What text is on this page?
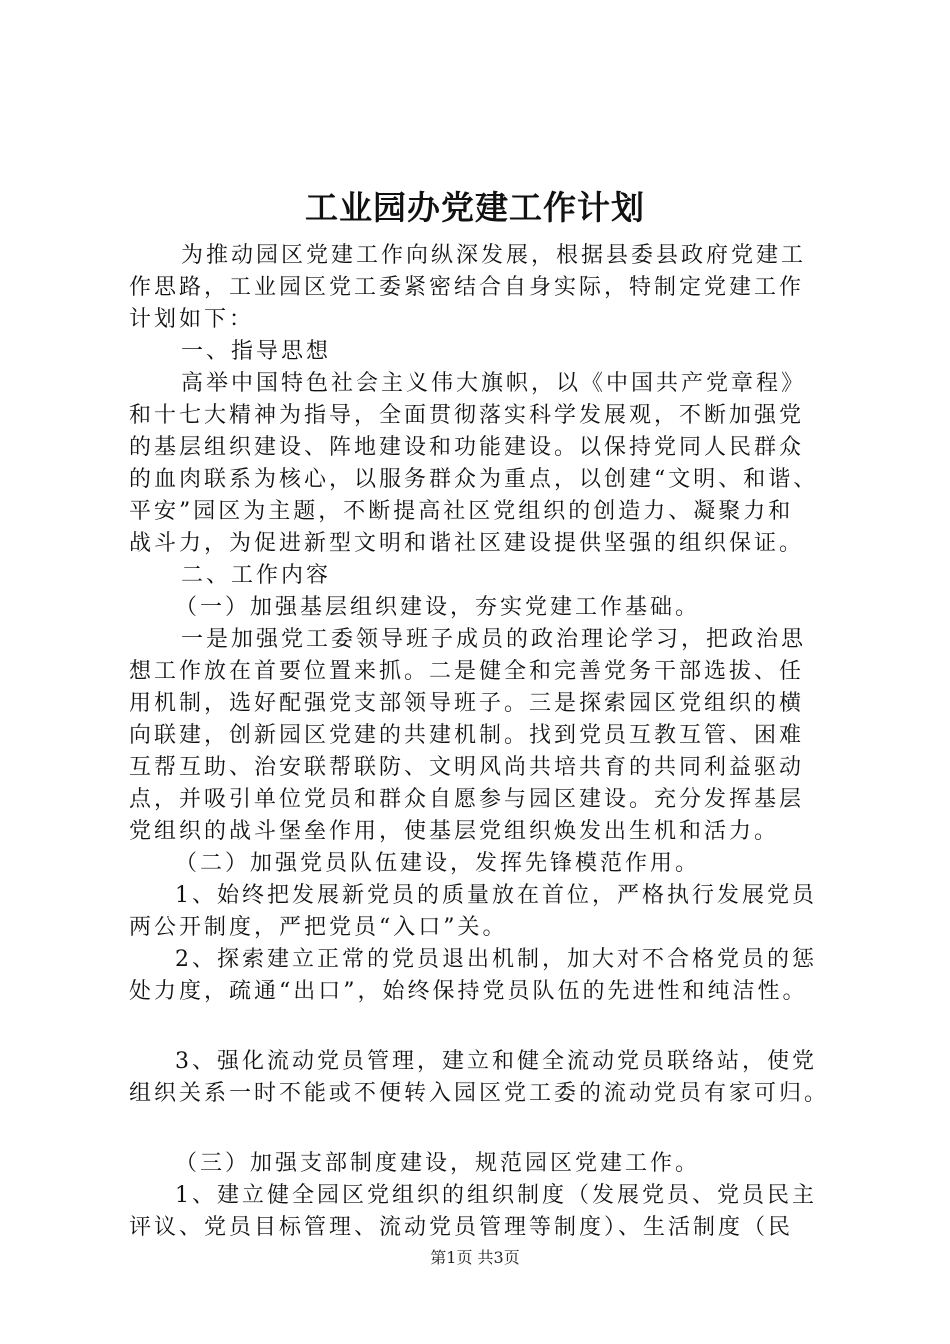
工业园办党建工作计划
为推动园区党建工作向纵深发展，根据县委县政府党建工
作思路，工业园区党工委紧密结合自身实际，特制定党建工作
计划如下：
一、指导思想
高举中国特色社会主义伟大旗帜，以《中国共产党章程》
和十七大精神为指导，全面贯彻落实科学发展观，不断加强党
的基层组织建设、阵地建设和功能建设。以保持党同人民群众
的血肉联系为核心，以服务群众为重点，以创建“文明、和谐、
平安”园区为主题，不断提高社区党组织的创造力、凝聚力和
战斗力，为促进新型文明和谐社区建设提供坚强的组织保证。
二、工作内容
（一）加强基层组织建设，夯实党建工作基础。
一是加强党工委领导班子成员的政治理论学习，把政治思
想工作放在首要位置来抓。二是健全和完善党务干部选拔、任
用机制，选好配强党支部领导班子。三是探索园区党组织的横
向联建，创新园区党建的共建机制。找到党员互教互管、困难
互帮互助、治安联帮联防、文明风尚共培共育的共同利益驱动
点，并吸引单位党员和群众自愿参与园区建设。充分发挥基层
党组织的战斗堡垒作用，使基层党组织焕发出生机和活力。
（二）加强党员队伍建设，发挥先锋模范作用。
1、始终把发展新党员的质量放在首位，严格执行发展党员
两公开制度，严把党员“入口”关。
2、探索建立正常的党员退出机制，加大对不合格党员的惩
处力度，疏通“出口”，始终保持党员队伍的先进性和纯洁性。
3、强化流动党员管理，建立和健全流动党员联络站，使党
组织关系一时不能或不便转入园区党工委的流动党员有家可归。
（三）加强支部制度建设，规范园区党建工作。
1、建立健全园区党组织的组织制度（发展党员、党员民主
评议、党员目标管理、流动党员管理等制度）、生活制度（民
第1页 共3页
